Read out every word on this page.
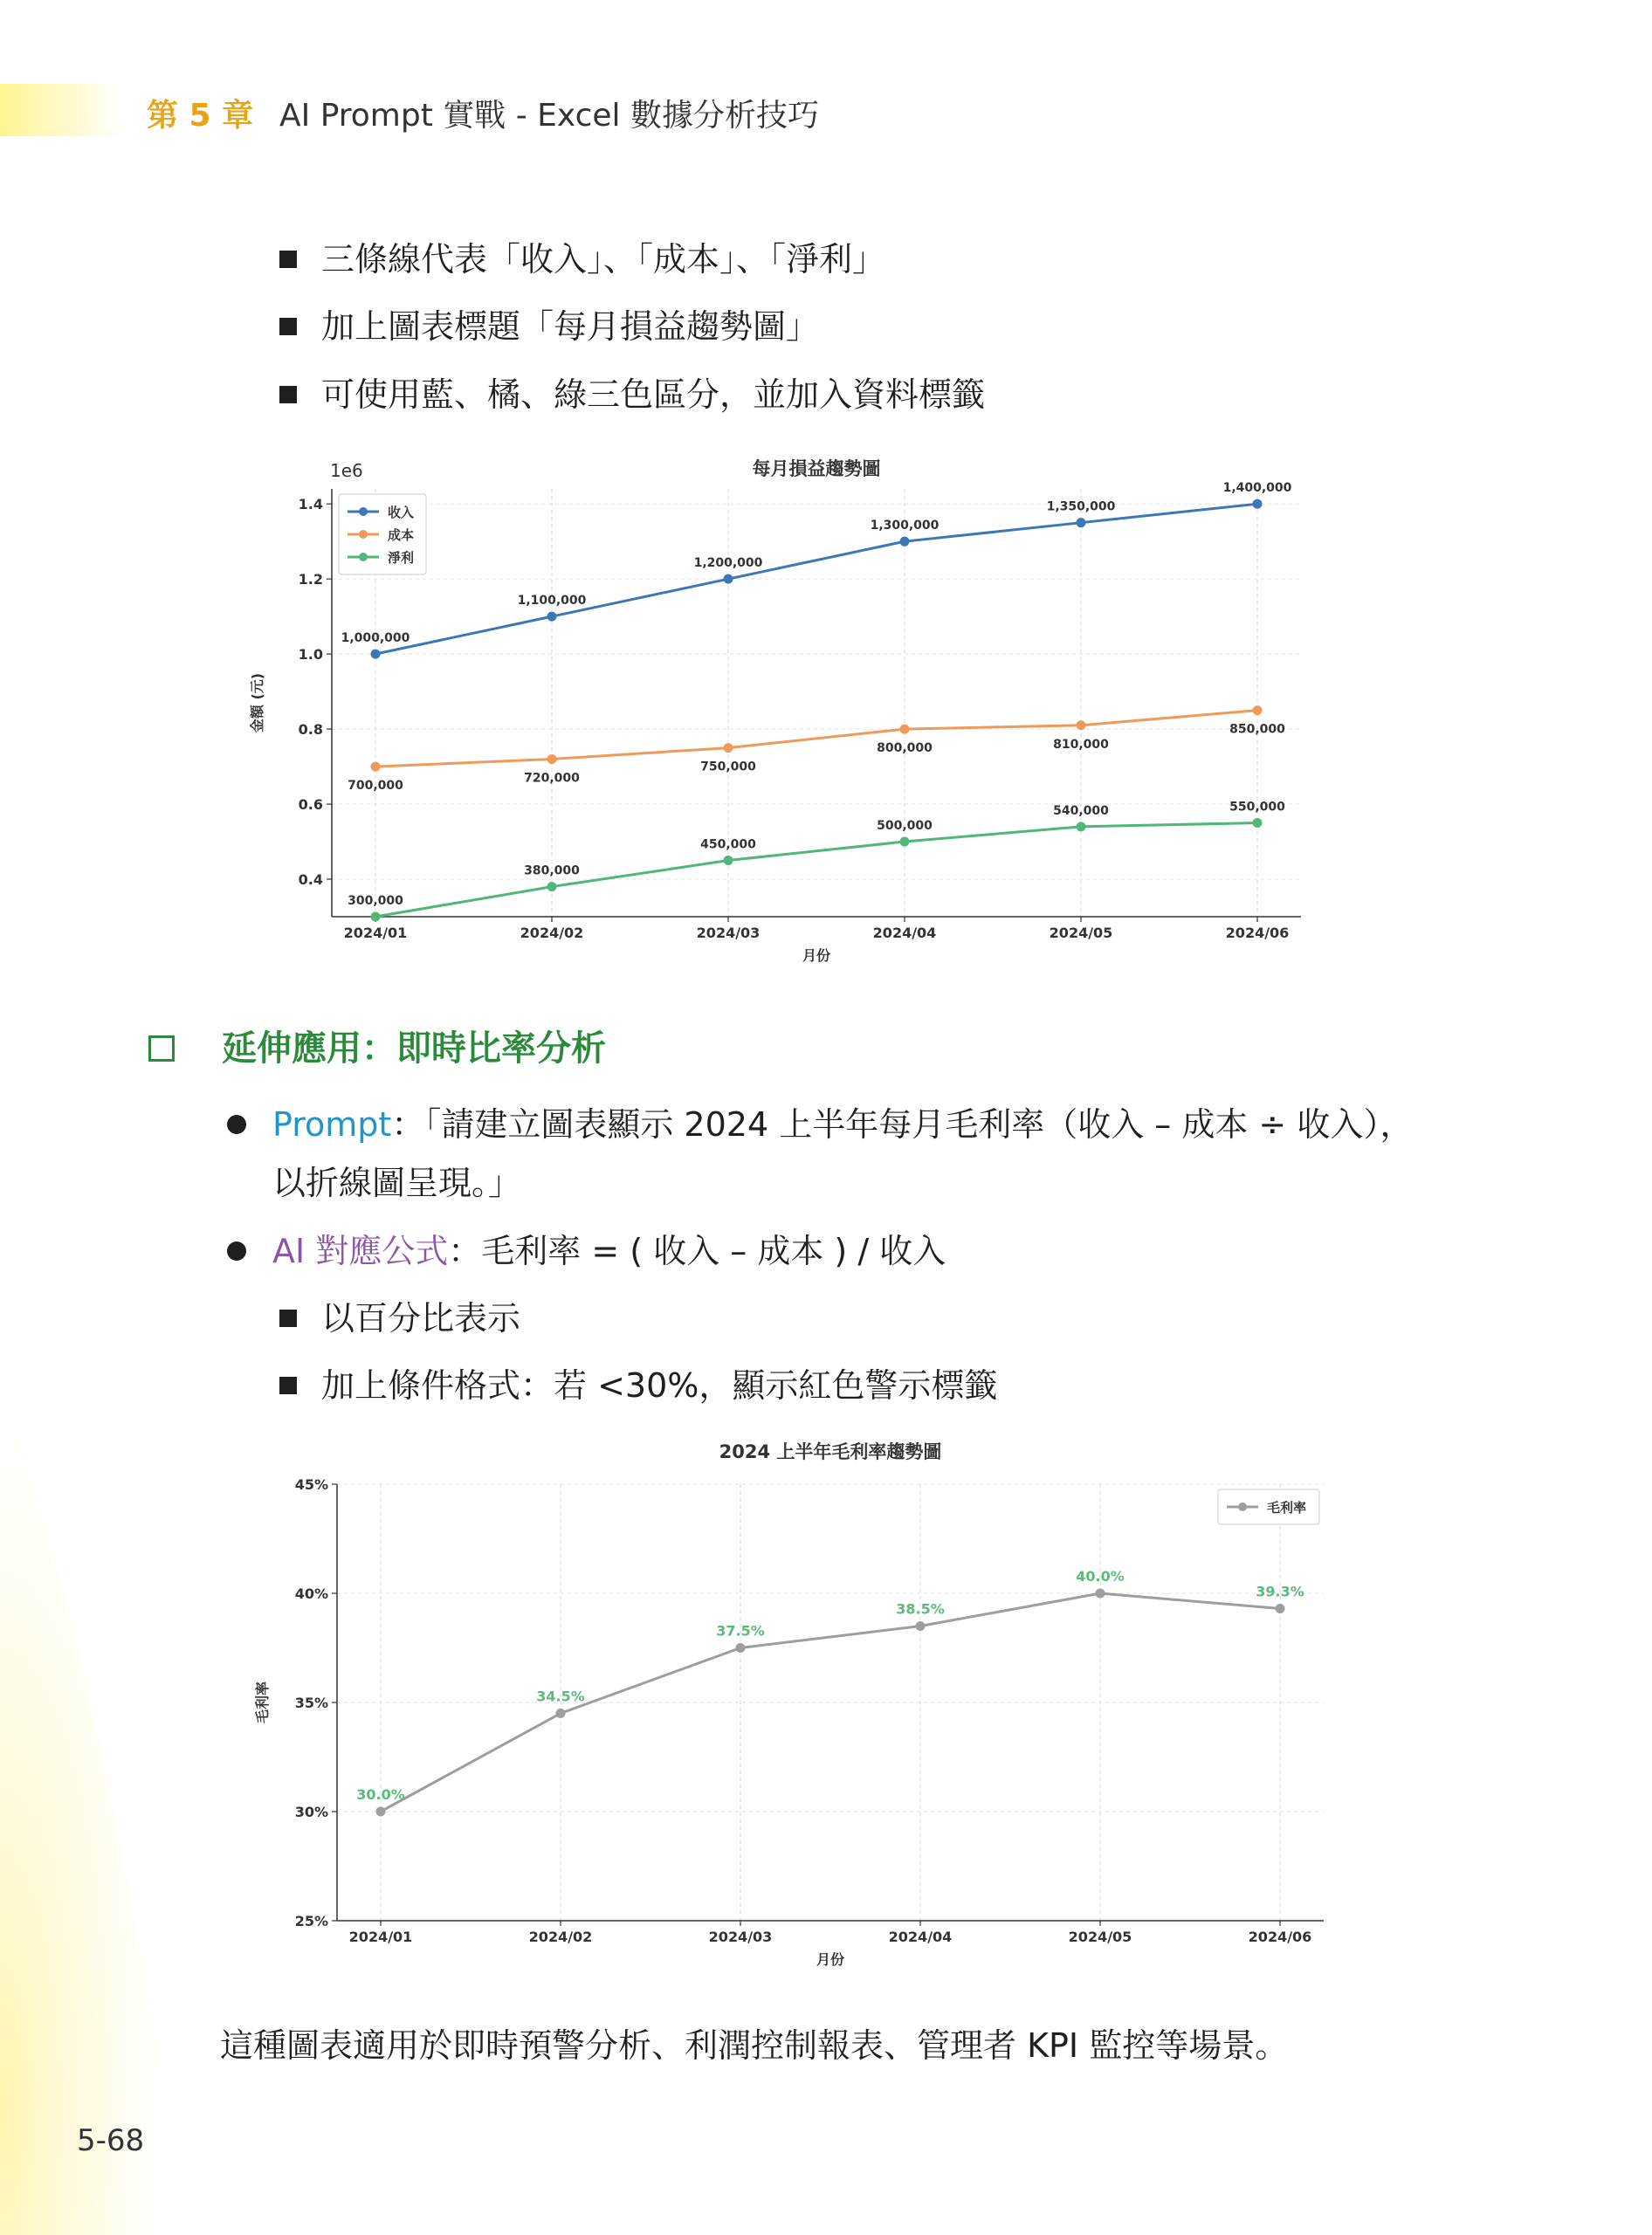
第 5 章 AI Prompt 實戰 - Excel 數據分析技巧
三條線代表「收入」、「成本」、「淨利」
加上圖表標題「每月損益趨勢圖」
可使用藍、橘、綠三色區分，並加入資料標籤
每月損益趨勢圖
0.4
0.6
0.8
1.0
1.2
1.4
2024/01	2024/02	2024/03	2024/04	2024/05	2024/06
月份
金額 (元)
1e6
1,000,000
1,100,000
1,200,000
1,300,000
1,350,000
1,400,000
700,000
720,000
750,000
800,000	810,000
850,000
300,000
380,000
450,000
500,000
540,000	550,000
收入
成本
淨利
延伸應用：即時比率分析
Prompt：「請建立圖表顯示 2024 上半年每月毛利率（收入 – 成本 ÷ 收入），
以折線圖呈現。」
AI 對應公式：毛利率 = ( 收入 – 成本 ) / 收入
以百分比表示
加上條件格式：若 <30%，顯示紅色警示標籤
2024 上半年毛利率趨勢圖
25%
30%
35%
40%
45%
2024/01	2024/02	2024/03	2024/04	2024/05	2024/06
月份
毛利率
30.0%
34.5%
37.5%
38.5%
40.0%
39.3%
毛利率
這種圖表適用於即時預警分析、利潤控制報表、管理者 KPI 監控等場景。
5-68
